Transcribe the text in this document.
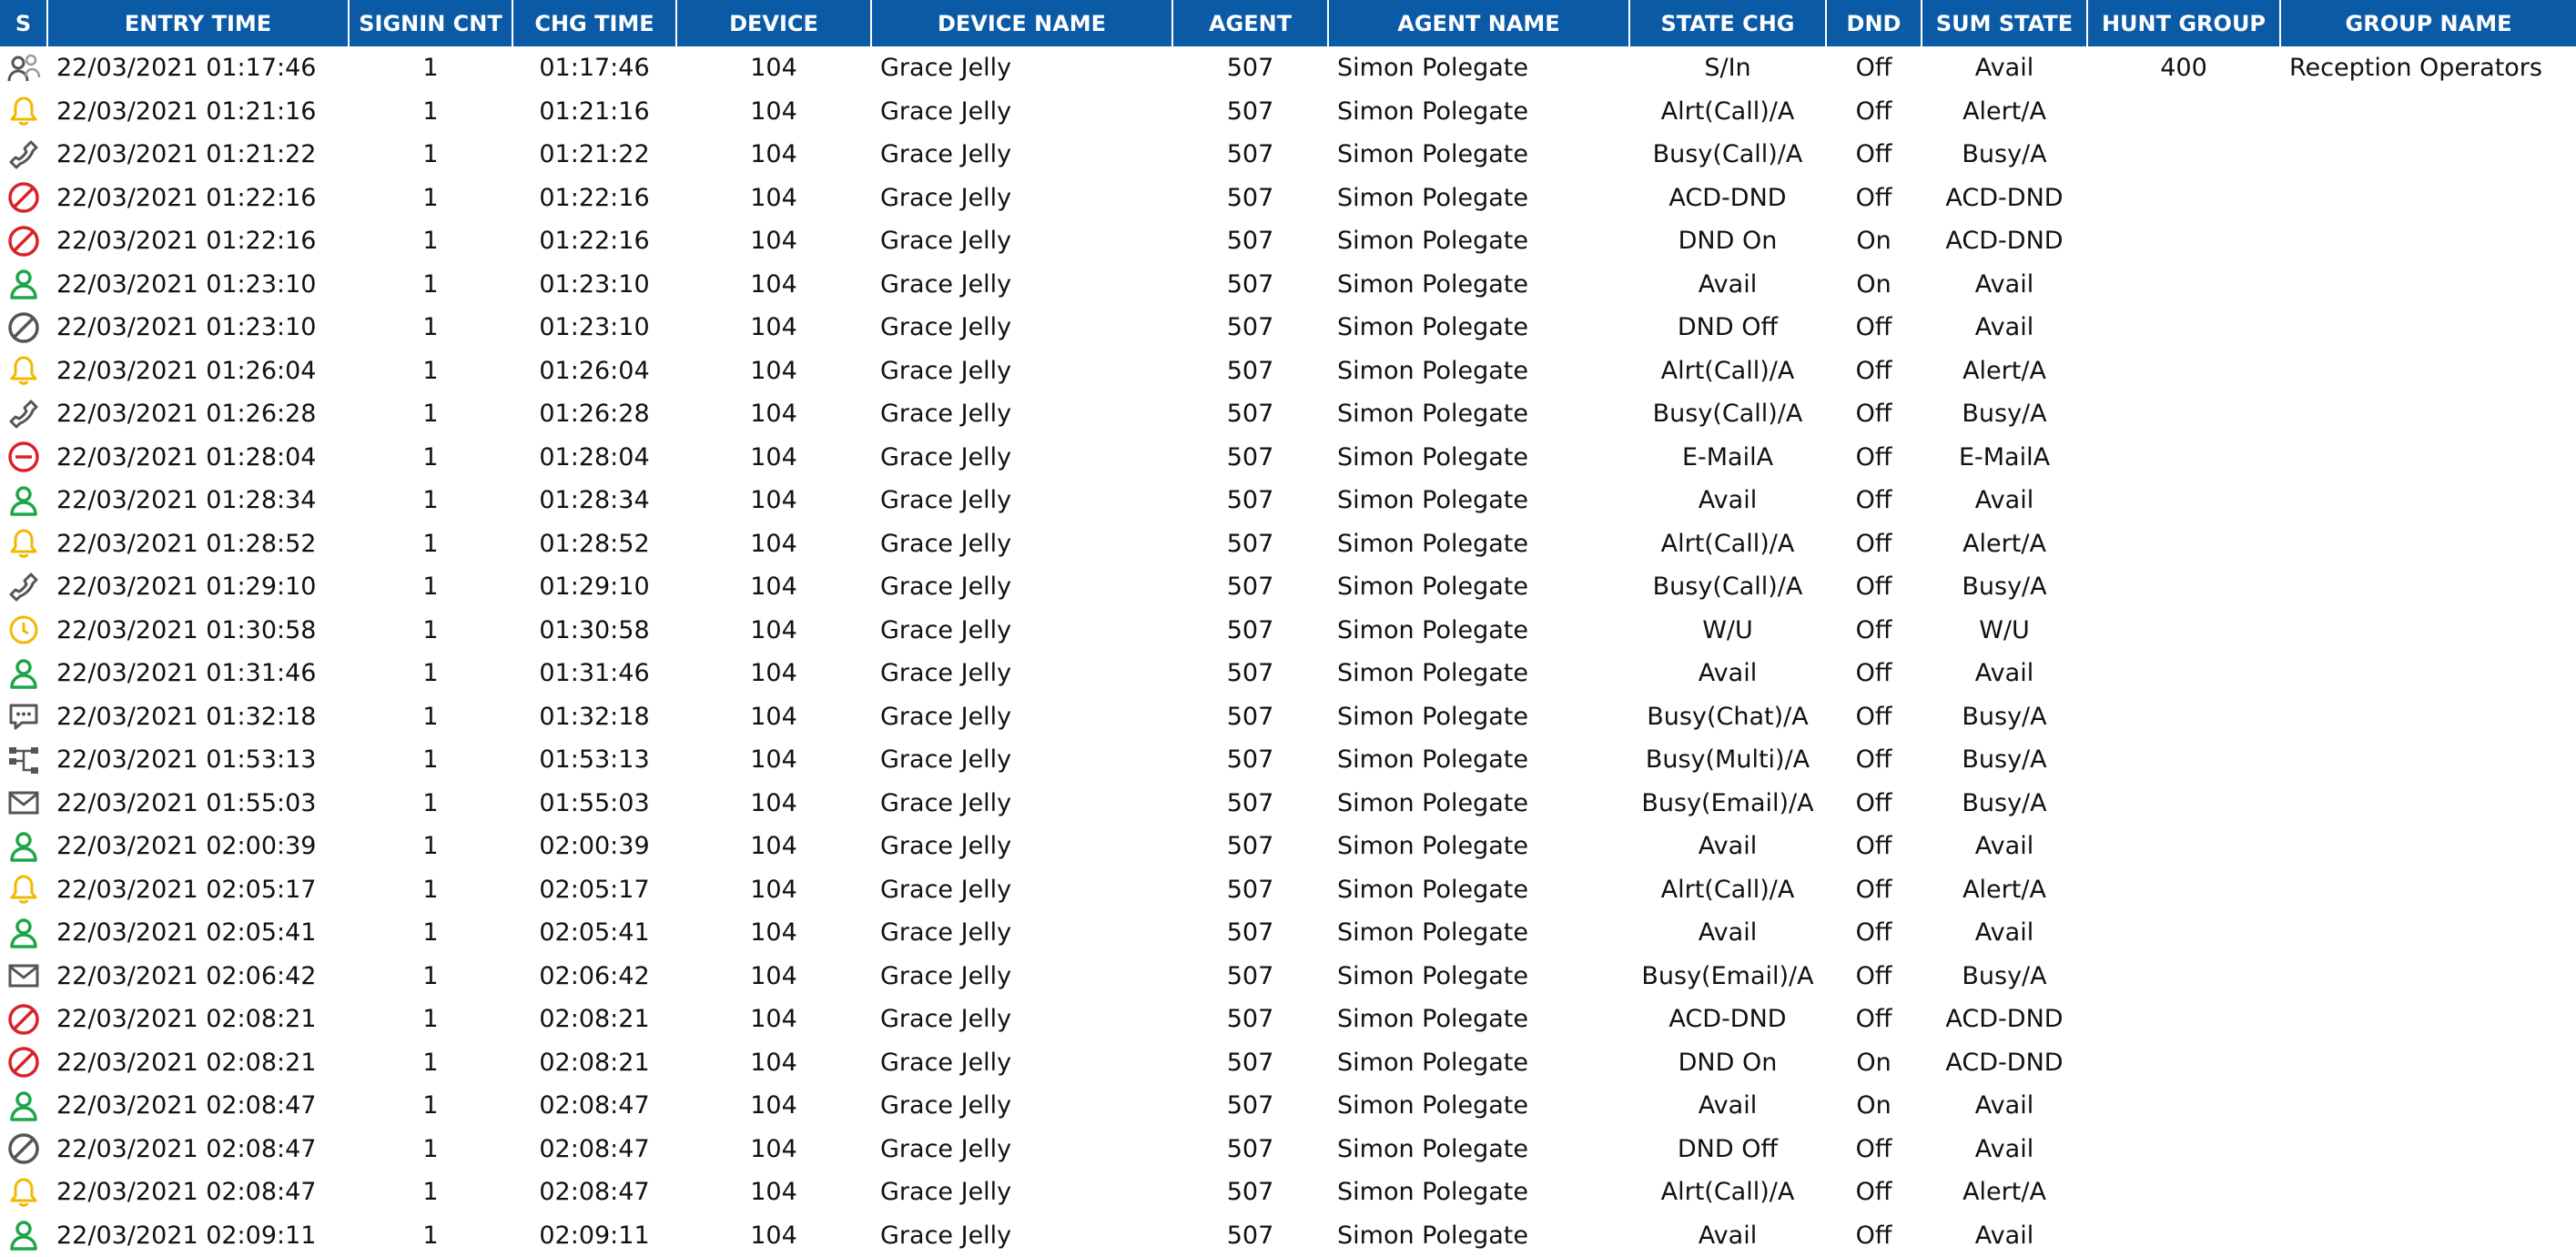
S	ENTRY TIME	SIGNIN CNT	CHG TIME	DEVICE	DEVICE NAME	AGENT	AGENT NAME	STATE CHG	DND	SUM STATE	HUNT GROUP	GROUP NAME

	22/03/2021 01:17:46	1	01:17:46	104	Grace Jelly	507	Simon Polegate	S/In	Off	Avail	400	Reception Operators

	22/03/2021 01:21:16	1	01:21:16	104	Grace Jelly	507	Simon Polegate	Alrt(Call)/A	Off	Alert/A		

	22/03/2021 01:21:22	1	01:21:22	104	Grace Jelly	507	Simon Polegate	Busy(Call)/A	Off	Busy/A		

	22/03/2021 01:22:16	1	01:22:16	104	Grace Jelly	507	Simon Polegate	ACD-DND	Off	ACD-DND		

	22/03/2021 01:22:16	1	01:22:16	104	Grace Jelly	507	Simon Polegate	DND On	On	ACD-DND		

	22/03/2021 01:23:10	1	01:23:10	104	Grace Jelly	507	Simon Polegate	Avail	On	Avail		

	22/03/2021 01:23:10	1	01:23:10	104	Grace Jelly	507	Simon Polegate	DND Off	Off	Avail		

	22/03/2021 01:26:04	1	01:26:04	104	Grace Jelly	507	Simon Polegate	Alrt(Call)/A	Off	Alert/A		

	22/03/2021 01:26:28	1	01:26:28	104	Grace Jelly	507	Simon Polegate	Busy(Call)/A	Off	Busy/A		

	22/03/2021 01:28:04	1	01:28:04	104	Grace Jelly	507	Simon Polegate	E-MailA	Off	E-MailA		

	22/03/2021 01:28:34	1	01:28:34	104	Grace Jelly	507	Simon Polegate	Avail	Off	Avail		

	22/03/2021 01:28:52	1	01:28:52	104	Grace Jelly	507	Simon Polegate	Alrt(Call)/A	Off	Alert/A		

	22/03/2021 01:29:10	1	01:29:10	104	Grace Jelly	507	Simon Polegate	Busy(Call)/A	Off	Busy/A		

	22/03/2021 01:30:58	1	01:30:58	104	Grace Jelly	507	Simon Polegate	W/U	Off	W/U		

	22/03/2021 01:31:46	1	01:31:46	104	Grace Jelly	507	Simon Polegate	Avail	Off	Avail		

	22/03/2021 01:32:18	1	01:32:18	104	Grace Jelly	507	Simon Polegate	Busy(Chat)/A	Off	Busy/A		

	22/03/2021 01:53:13	1	01:53:13	104	Grace Jelly	507	Simon Polegate	Busy(Multi)/A	Off	Busy/A		

	22/03/2021 01:55:03	1	01:55:03	104	Grace Jelly	507	Simon Polegate	Busy(Email)/A	Off	Busy/A		

	22/03/2021 02:00:39	1	02:00:39	104	Grace Jelly	507	Simon Polegate	Avail	Off	Avail		

	22/03/2021 02:05:17	1	02:05:17	104	Grace Jelly	507	Simon Polegate	Alrt(Call)/A	Off	Alert/A		

	22/03/2021 02:05:41	1	02:05:41	104	Grace Jelly	507	Simon Polegate	Avail	Off	Avail		

	22/03/2021 02:06:42	1	02:06:42	104	Grace Jelly	507	Simon Polegate	Busy(Email)/A	Off	Busy/A		

	22/03/2021 02:08:21	1	02:08:21	104	Grace Jelly	507	Simon Polegate	ACD-DND	Off	ACD-DND		

	22/03/2021 02:08:21	1	02:08:21	104	Grace Jelly	507	Simon Polegate	DND On	On	ACD-DND		

	22/03/2021 02:08:47	1	02:08:47	104	Grace Jelly	507	Simon Polegate	Avail	On	Avail		

	22/03/2021 02:08:47	1	02:08:47	104	Grace Jelly	507	Simon Polegate	DND Off	Off	Avail		

	22/03/2021 02:08:47	1	02:08:47	104	Grace Jelly	507	Simon Polegate	Alrt(Call)/A	Off	Alert/A		

	22/03/2021 02:09:11	1	02:09:11	104	Grace Jelly	507	Simon Polegate	Avail	Off	Avail		
